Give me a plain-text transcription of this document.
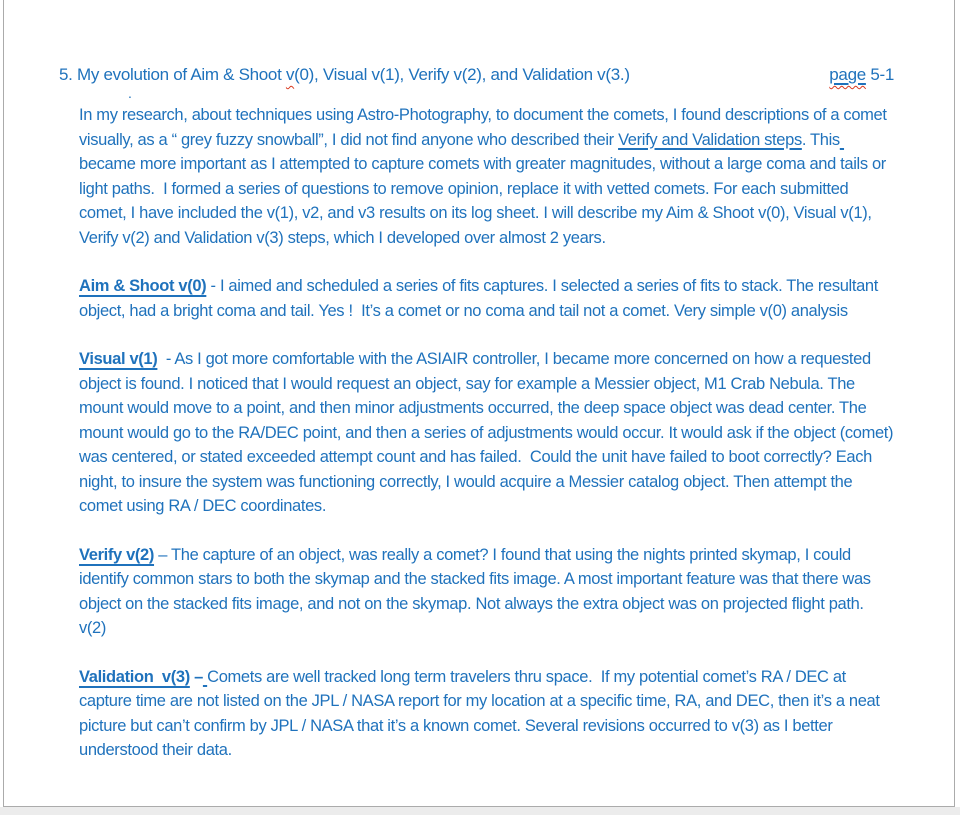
5. My evolution of Aim & Shoot v(0), Visual v(1), Verify v(2), and Validation v(3.)	page 5-1
.

In my research, about techniques using Astro-Photography, to document the comets, I found descriptions of a comet visually, as a “ grey fuzzy snowball”, I did not find anyone who described their Verify and Validation steps. This became more important as I attempted to capture comets with greater magnitudes, without a large coma and tails or light paths.  I formed a series of questions to remove opinion, replace it with vetted comets. For each submitted comet, I have included the v(1), v2, and v3 results on its log sheet. I will describe my Aim & Shoot v(0), Visual v(1), Verify v(2) and Validation v(3) steps, which I developed over almost 2 years.

Aim & Shoot v(0) - I aimed and scheduled a series of fits captures. I selected a series of fits to stack. The resultant object, had a bright coma and tail. Yes !  It’s a comet or no coma and tail not a comet. Very simple v(0) analysis

Visual v(1)  - As I got more comfortable with the ASIAIR controller, I became more concerned on how a requested object is found. I noticed that I would request an object, say for example a Messier object, M1 Crab Nebula. The mount would move to a point, and then minor adjustments occurred, the deep space object was dead center. The mount would go to the RA/DEC point, and then a series of adjustments would occur. It would ask if the object (comet) was centered, or stated exceeded attempt count and has failed.  Could the unit have failed to boot correctly? Each night, to insure the system was functioning correctly, I would acquire a Messier catalog object. Then attempt the comet using RA / DEC coordinates.

Verify v(2) – The capture of an object, was really a comet? I found that using the nights printed skymap, I could identify common stars to both the skymap and the stacked fits image. A most important feature was that there was object on the stacked fits image, and not on the skymap. Not always the extra object was on projected flight path. v(2)

Validation  v(3) – Comets are well tracked long term travelers thru space.  If my potential comet’s RA / DEC at capture time are not listed on the JPL / NASA report for my location at a specific time, RA, and DEC, then it’s a neat picture but can’t confirm by JPL / NASA that it’s a known comet. Several revisions occurred to v(3) as I better understood their data.
